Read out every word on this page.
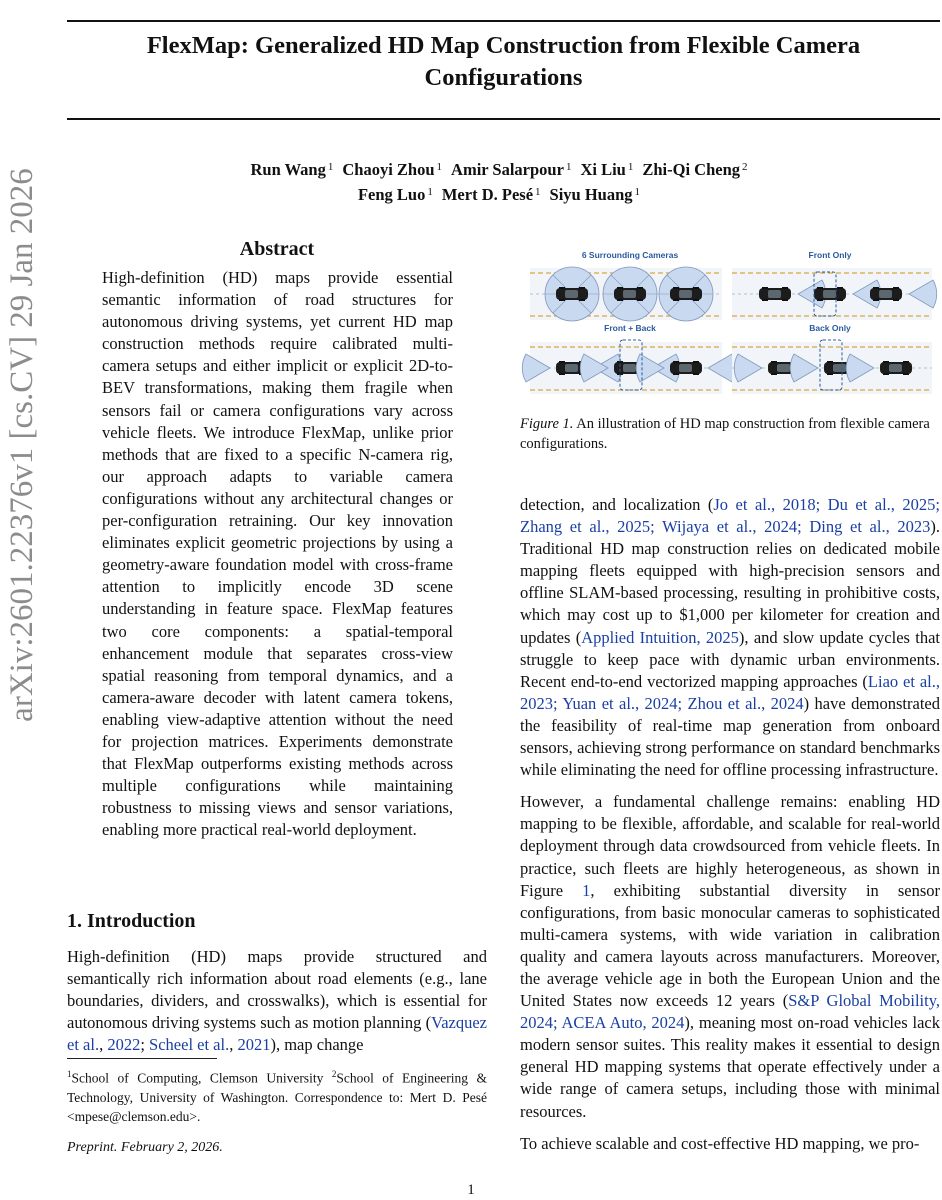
FlexMap: Generalized HD Map Construction from Flexible Camera Configurations
Run Wang $^1$ Chaoyi Zhou $^1$ Amir Salarpour $^1$ Xi Liu $^1$ Zhi-Qi Cheng $^2$
Feng Luo $^1$ Mert D. Pesé $^1$ Siyu Huang $^1$
arXiv:2601.22376v1 [cs.CV] 29 Jan 2026	Abstract
High-definition (HD) maps provide essential semantic information of road structures for autonomous driving systems, yet current HD map construction methods require calibrated multi-camera setups and either implicit or explicit 2D-to-BEV transformations, making them fragile when sensors fail or camera configurations vary across vehicle fleets. We introduce FlexMap, unlike prior methods that are fixed to a specific N-camera rig, our approach adapts to variable camera configurations without any architectural changes or per-configuration retraining. Our key innovation eliminates explicit geometric projections by using a geometry-aware foundation model with cross-frame attention to implicitly encode 3D scene understanding in feature space. FlexMap features two core components: a spatial-temporal enhancement module that separates cross-view spatial reasoning from temporal dynamics, and a camera-aware decoder with latent camera tokens, enabling view-adaptive attention without the need for projection matrices. Experiments demonstrate that FlexMap outperforms existing methods across multiple configurations while maintaining robustness to missing views and sensor variations, enabling more practical real-world deployment.
1. Introduction
High-definition (HD) maps provide structured and semantically rich information about road elements (e.g., lane boundaries, dividers, and crosswalks), which is essential for autonomous driving systems such as motion planning (Vazquez et al., 2022; Scheel et al., 2021), map change
$^1$School of Computing, Clemson University $^2$School of Engineering & Technology, University of Washington. Correspondence to: Mert D. Pesé <mpese@clemson.edu>.
Preprint. February 2, 2026.
6 Surrounding Cameras	Front Only
Front + Back	Back Only
Figure 1. An illustration of HD map construction from flexible camera configurations.

detection, and localization (Jo et al., 2018; Du et al., 2025; Zhang et al., 2025; Wijaya et al., 2024; Ding et al., 2023). Traditional HD map construction relies on dedicated mobile mapping fleets equipped with high-precision sensors and offline SLAM-based processing, resulting in prohibitive costs, which may cost up to $1,000 per kilometer for creation and updates (Applied Intuition, 2025), and slow update cycles that struggle to keep pace with dynamic urban environments. Recent end-to-end vectorized mapping approaches (Liao et al., 2023; Yuan et al., 2024; Zhou et al., 2024) have demonstrated the feasibility of real-time map generation from onboard sensors, achieving strong performance on standard benchmarks while eliminating the need for offline processing infrastructure.

However, a fundamental challenge remains: enabling HD mapping to be flexible, affordable, and scalable for real-world deployment through data crowdsourced from vehicle fleets. In practice, such fleets are highly heterogeneous, as shown in Figure 1, exhibiting substantial diversity in sensor configurations, from basic monocular cameras to sophisticated multi-camera systems, with wide variation in calibration quality and camera layouts across manufacturers. Moreover, the average vehicle age in both the European Union and the United States now exceeds 12 years (S&P Global Mobility, 2024; ACEA Auto, 2024), meaning most on-road vehicles lack modern sensor suites. This reality makes it essential to design general HD mapping systems that operate effectively under a wide range of camera setups, including those with minimal resources.

To achieve scalable and cost-effective HD mapping, we pro-

1
